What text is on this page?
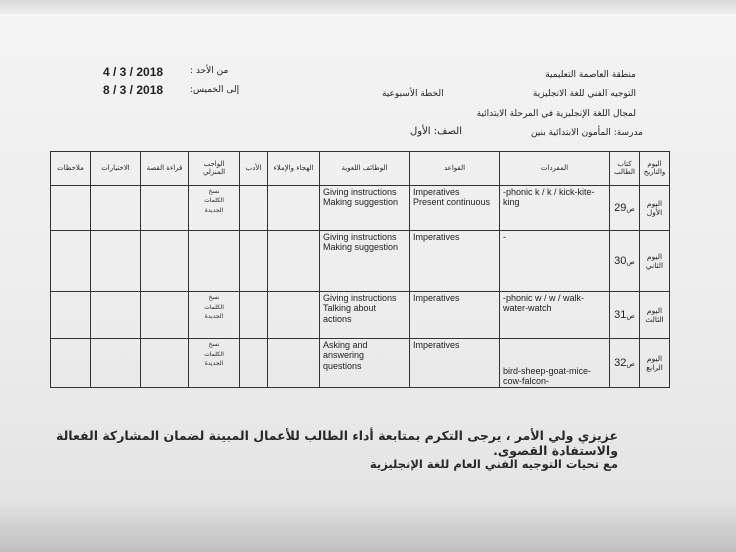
4 / 3 / 2018	من الأحد :
8 / 3 / 2018	إلى الخميس:
منطقة العاصمة التعليمية
التوجيه الفني للغة الانجليزية
لمجال اللغة الإنجليزية في المرحلة الابتدائية
مدرسة: المأمون الابتدائية بنين
الخطة الأسبوعية
الصف: الأول
ملاحظات	الاختبارات	قراءة القصة	الواجب المنزلي	الأدب	الهجاء والإملاء	الوظائف اللغوية	القواعد	المفردات	كتاب الطالب	اليوم والتاريخ
			نسخ
الكلمات
الجديدة			Giving instructions
Making suggestion	Imperatives
Present continuous	-phonic k / k / kick-kite-king	29ص	اليوم الأول
						Giving instructions
Making suggestion	Imperatives	-	30ص	اليوم الثاني
			نسخ
الكلمات
الجديدة			Giving instructions
Talking about
actions	Imperatives	-phonic w / w / walk-water-watch	31ص	اليوم الثالث
			نسخ
الكلمات
الجديدة			Asking and
answering
questions	Imperatives	bird-sheep-goat-mice-cow-falcon-	32ص	اليوم الرابع
عزيزي ولي الأمر ، يرجى التكرم بمتابعة أداء الطالب للأعمال المبينة لضمان المشاركة الفعالة والاستفادة القصوى.
مع تحيات التوجيه الفني العام للغة الإنجليزية
